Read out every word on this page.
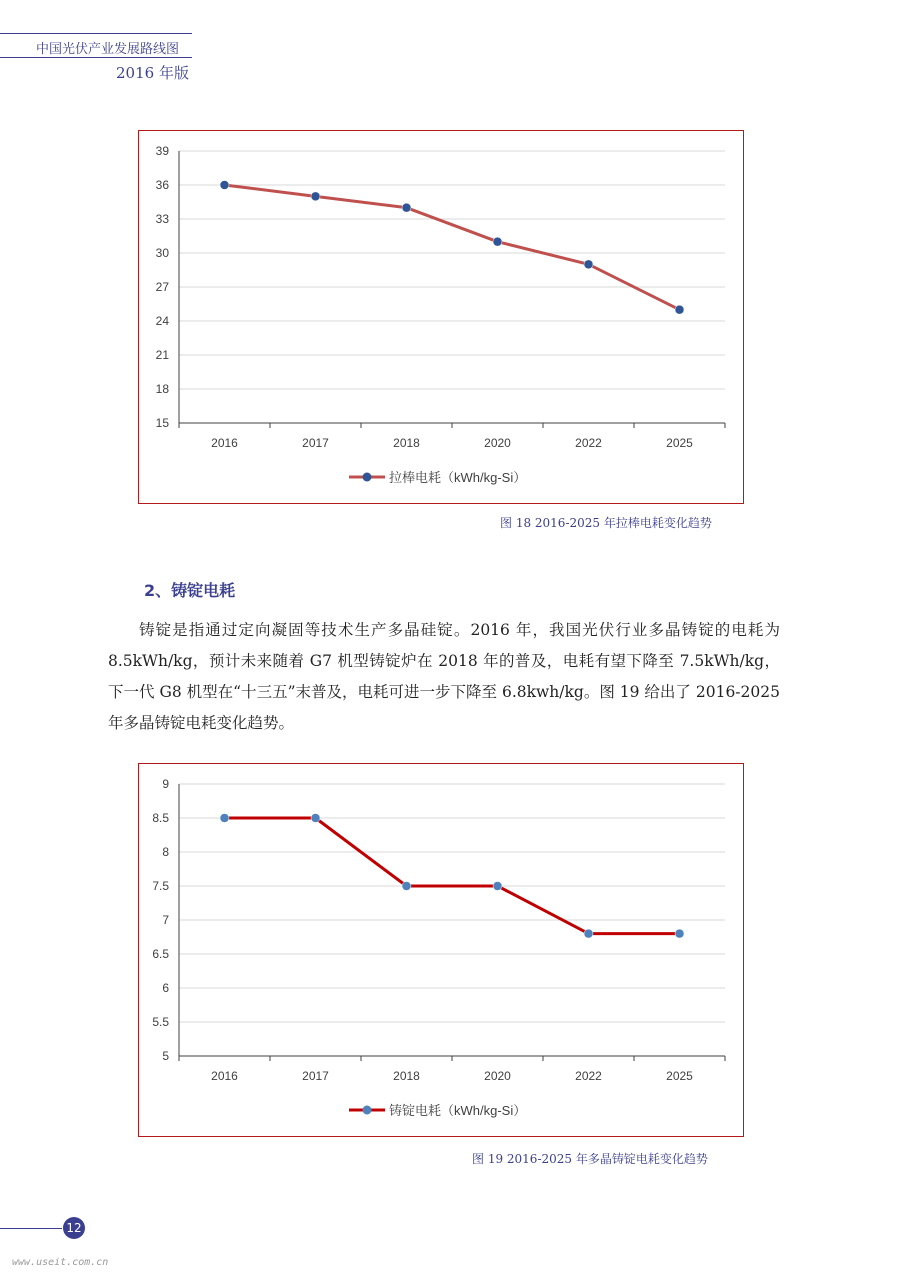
中国光伏产业发展路线图
2016 年版
39
36
33
30
27
24
21
18
15
2016	2017	2018	2020	2022	2025
拉棒电耗（kWh/kg-Si）
图 18 2016-2025 年拉棒电耗变化趋势
2、铸锭电耗

铸锭是指通过定向凝固等技术生产多晶硅锭。2016 年，我国光伏行业多晶铸锭的电耗为 8.5kWh/kg，预计未来随着 G7 机型铸锭炉在 2018 年的普及，电耗有望下降至 7.5kWh/kg，下一代 G8 机型在“十三五”末普及，电耗可进一步下降至 6.8kwh/kg。图 19 给出了 2016-2025 年多晶铸锭电耗变化趋势。

9
8.5
8
7.5
7
6.5
6
5.5
5
2016	2017	2018	2020	2022	2025
铸锭电耗（kWh/kg-Si）
图 19 2016-2025 年多晶铸锭电耗变化趋势
12
www.useit.com.cn
